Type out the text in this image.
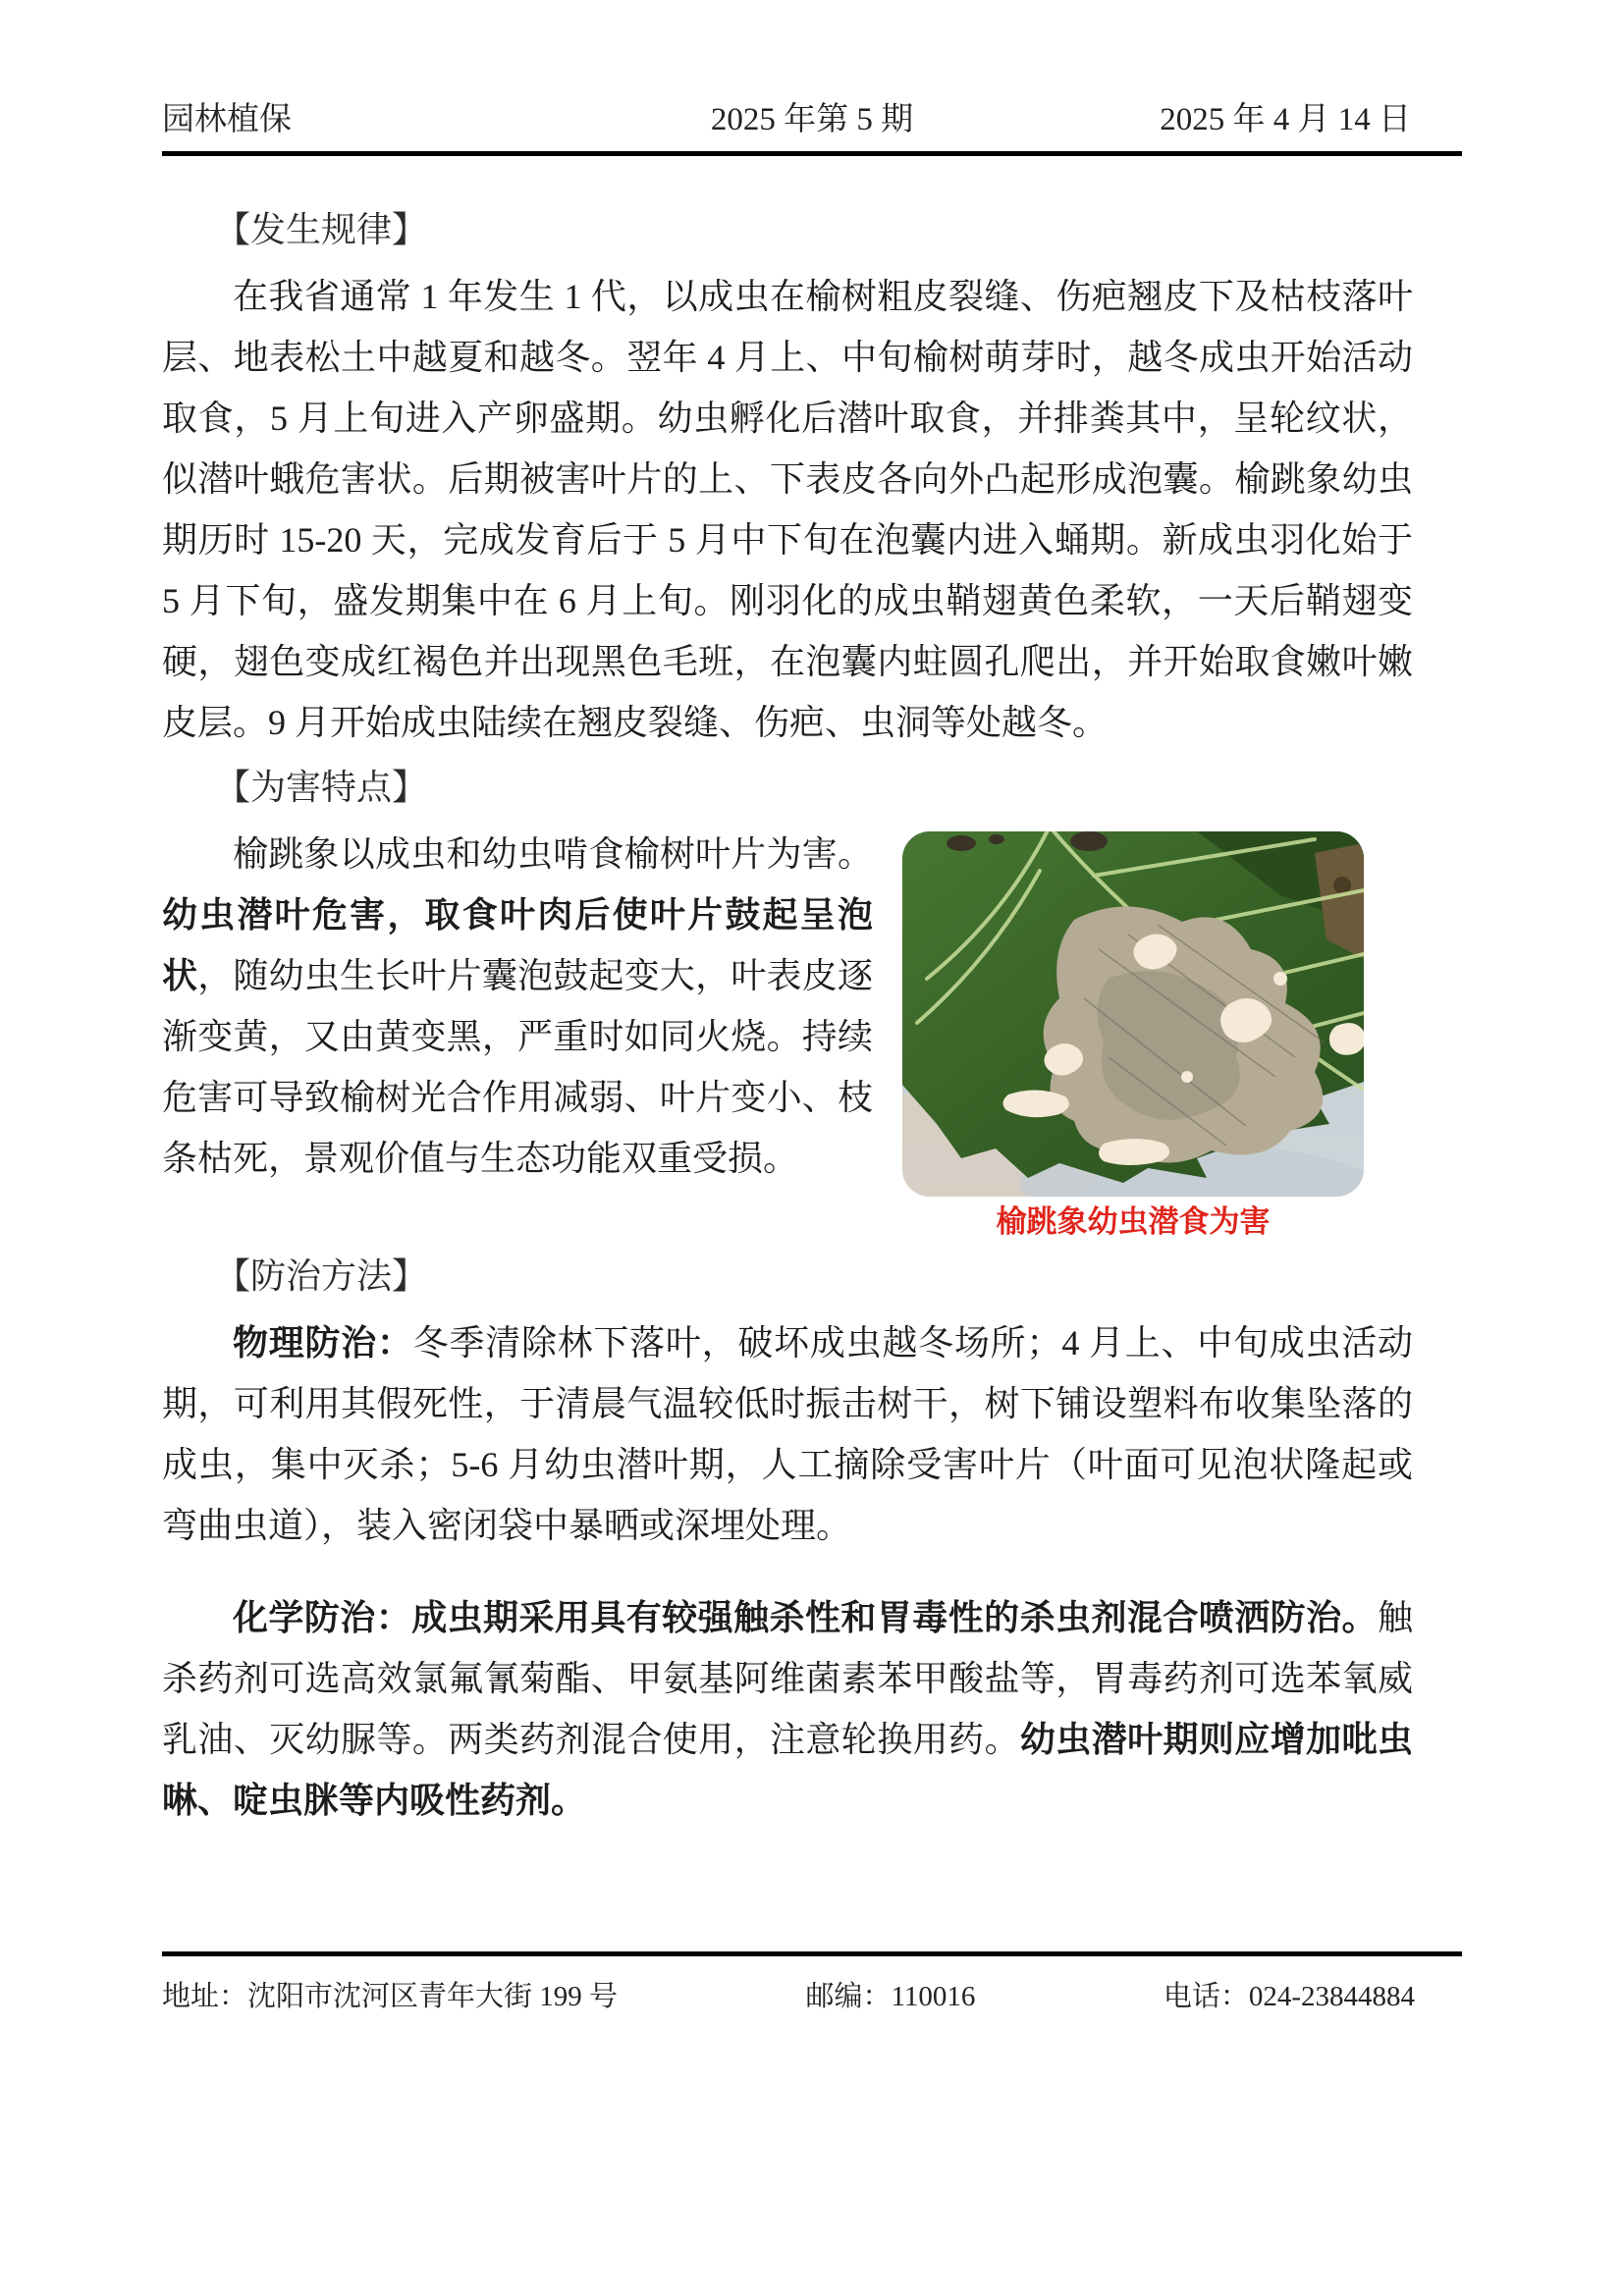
园林植保	2025 年第 5 期	2025 年 4 月 14 日

【发生规律】

在我省通常 1 年发生 1 代，以成虫在榆树粗皮裂缝、伤疤翘皮下及枯枝落叶层、地表松土中越夏和越冬。翌年 4 月上、中旬榆树萌芽时，越冬成虫开始活动取食，5 月上旬进入产卵盛期。幼虫孵化后潜叶取食，并排粪其中，呈轮纹状，似潜叶蛾危害状。后期被害叶片的上、下表皮各向外凸起形成泡囊。榆跳象幼虫期历时 15-20 天，完成发育后于 5 月中下旬在泡囊内进入蛹期。新成虫羽化始于 5 月下旬，盛发期集中在 6 月上旬。刚羽化的成虫鞘翅黄色柔软，一天后鞘翅变硬，翅色变成红褐色并出现黑色毛班，在泡囊内蛀圆孔爬出，并开始取食嫩叶嫩皮层。9 月开始成虫陆续在翘皮裂缝、伤疤、虫洞等处越冬。

【为害特点】

榆跳象幼虫潜食为害

榆跳象以成虫和幼虫啃食榆树叶片为害。幼虫潜叶危害，取食叶肉后使叶片鼓起呈泡状，随幼虫生长叶片囊泡鼓起变大，叶表皮逐渐变黄，又由黄变黑，严重时如同火烧。持续危害可导致榆树光合作用减弱、叶片变小、枝条枯死，景观价值与生态功能双重受损。

【防治方法】

物理防治：冬季清除林下落叶，破坏成虫越冬场所；4 月上、中旬成虫活动期，可利用其假死性，于清晨气温较低时振击树干，树下铺设塑料布收集坠落的成虫，集中灭杀；5-6 月幼虫潜叶期，人工摘除受害叶片（叶面可见泡状隆起或弯曲虫道），装入密闭袋中暴晒或深埋处理。

化学防治：成虫期采用具有较强触杀性和胃毒性的杀虫剂混合喷洒防治。触杀药剂可选高效氯氟氰菊酯、甲氨基阿维菌素苯甲酸盐等，胃毒药剂可选苯氧威乳油、灭幼脲等。两类药剂混合使用，注意轮换用药。幼虫潜叶期则应增加吡虫啉、啶虫脒等内吸性药剂。

地址：沈阳市沈河区青年大街 199 号	邮编：110016	电话：024-23844884
